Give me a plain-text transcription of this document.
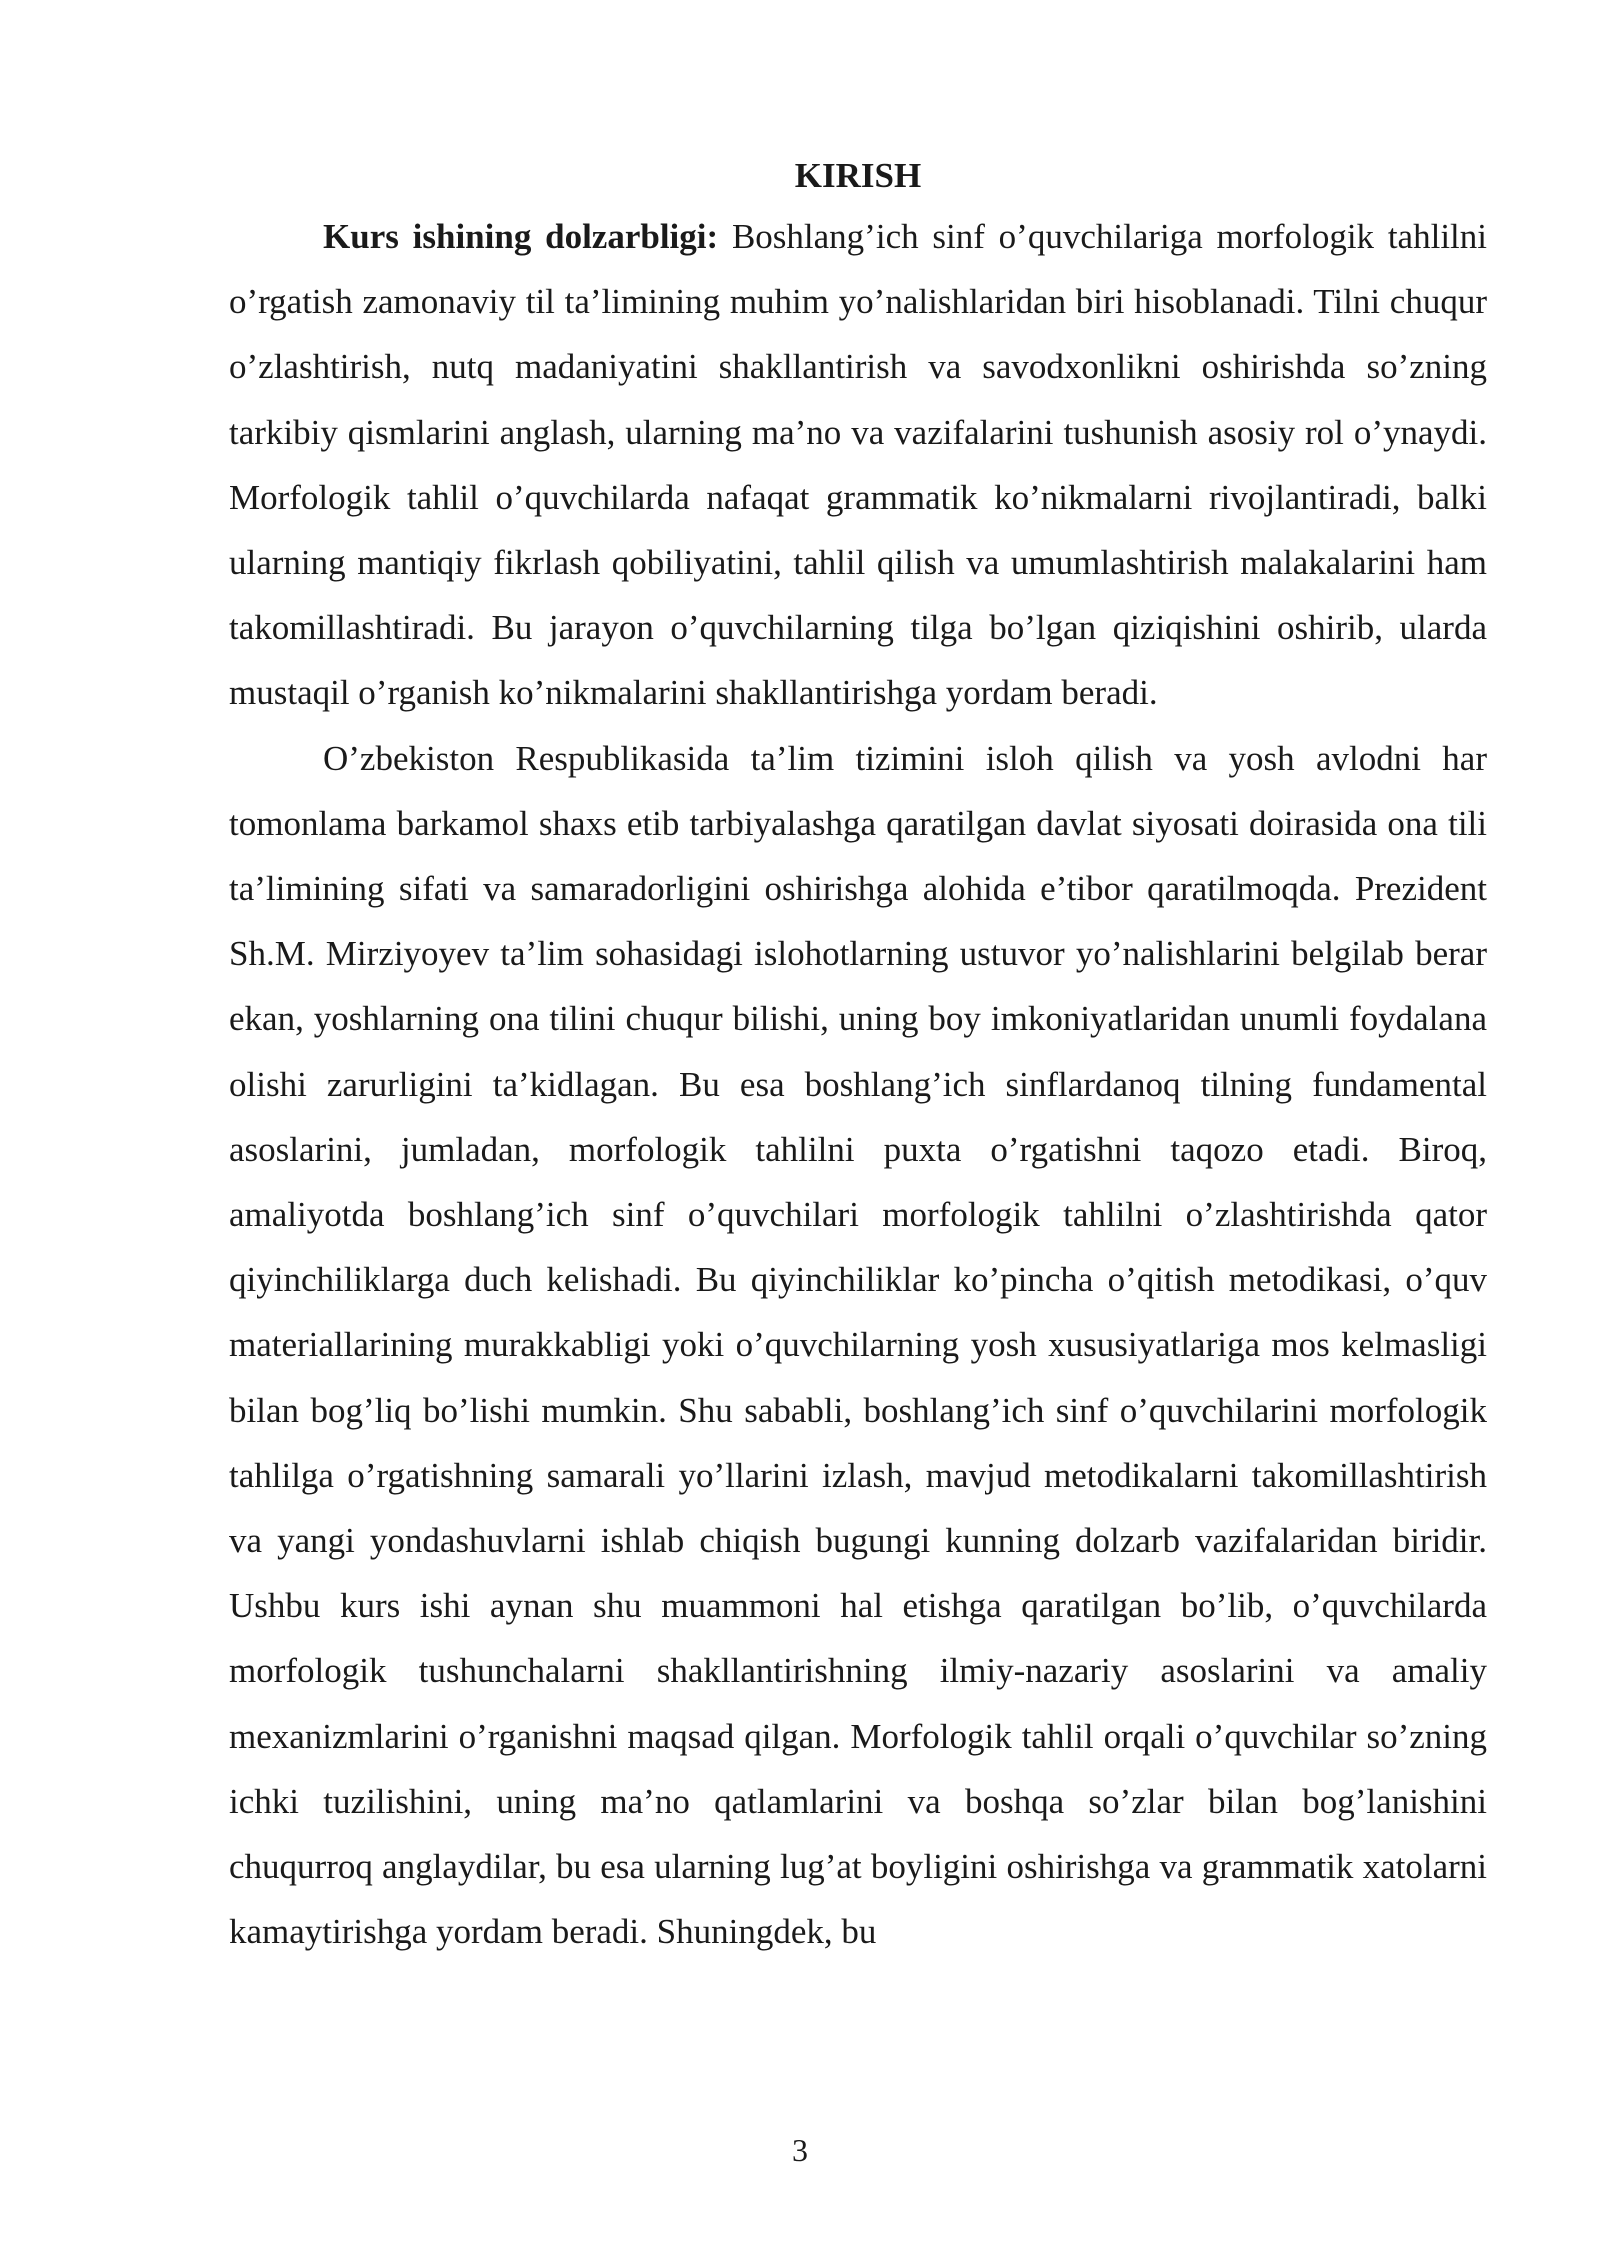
KIRISH

Kurs ishining dolzarbligi: Boshlang’ich sinf o’quvchilariga morfologik tahlilni o’rgatish zamonaviy til ta’limining muhim yo’nalishlaridan biri hisoblanadi. Tilni chuqur o’zlashtirish, nutq madaniyatini shakllantirish va savodxonlikni oshirishda so’zning tarkibiy qismlarini anglash, ularning ma’no va vazifalarini tushunish asosiy rol o’ynaydi. Morfologik tahlil o’quvchilarda nafaqat grammatik ko’nikmalarni rivojlantiradi, balki ularning mantiqiy fikrlash qobiliyatini, tahlil qilish va umumlashtirish malakalarini ham takomillashtiradi. Bu jarayon o’quvchilarning tilga bo’lgan qiziqishini oshirib, ularda mustaqil o’rganish ko’nikmalarini shakllantirishga yordam beradi.

O’zbekiston Respublikasida ta’lim tizimini isloh qilish va yosh avlodni har tomonlama barkamol shaxs etib tarbiyalashga qaratilgan davlat siyosati doirasida ona tili ta’limining sifati va samaradorligini oshirishga alohida e’tibor qaratilmoqda. Prezident Sh.M. Mirziyoyev ta’lim sohasidagi islohotlarning ustuvor yo’nalishlarini belgilab berar ekan, yoshlarning ona tilini chuqur bilishi, uning boy imkoniyatlaridan unumli foydalana olishi zarurligini ta’kidlagan. Bu esa boshlang’ich sinflardanoq tilning fundamental asoslarini, jumladan, morfologik tahlilni puxta o’rgatishni taqozo etadi. Biroq, amaliyotda boshlang’ich sinf o’quvchilari morfologik tahlilni o’zlashtirishda qator qiyinchiliklarga duch kelishadi. Bu qiyinchiliklar ko’pincha o’qitish metodikasi, o’quv materiallarining murakkabligi yoki o’quvchilarning yosh xususiyatlariga mos kelmasligi bilan bog’liq bo’lishi mumkin. Shu sababli, boshlang’ich sinf o’quvchilarini morfologik tahlilga o’rgatishning samarali yo’llarini izlash, mavjud metodikalarni takomillashtirish va yangi yondashuvlarni ishlab chiqish bugungi kunning dolzarb vazifalaridan biridir. Ushbu kurs ishi aynan shu muammoni hal etishga qaratilgan bo’lib, o’quvchilarda morfologik tushunchalarni shakllantirishning ilmiy-nazariy asoslarini va amaliy mexanizmlarini o’rganishni maqsad qilgan. Morfologik tahlil orqali o’quvchilar so’zning ichki tuzilishini, uning ma’no qatlamlarini va boshqa so’zlar bilan bog’lanishini chuqurroq anglaydilar, bu esa ularning lug’at boyligini oshirishga va grammatik xatolarni kamaytirishga yordam beradi. Shuningdek, bu

3
